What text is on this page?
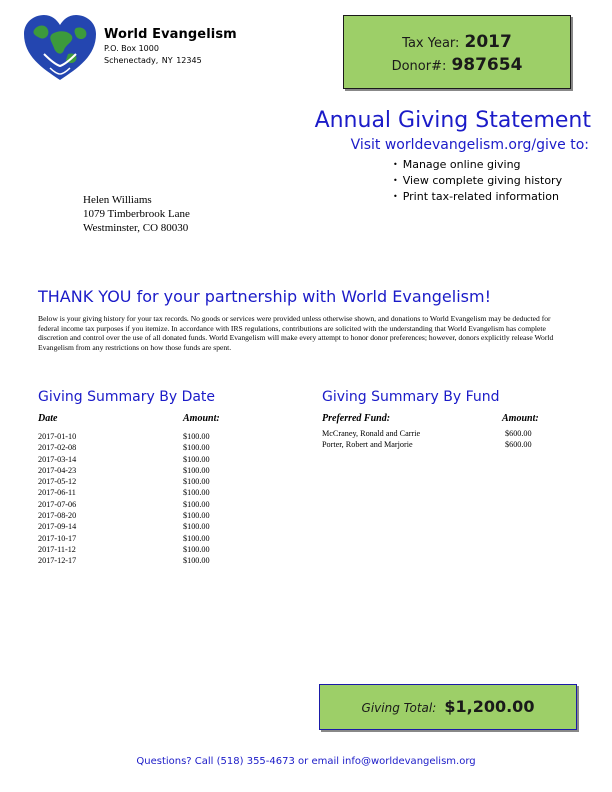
World Evangelism
P.O. Box 1000
Schenectady, NY 12345
Tax Year: 2017
Donor#: 987654
Annual Giving Statement
Visit worldevangelism.org/give to:
• Manage online giving
• View complete giving history
• Print tax-related information
Helen Williams
1079 Timberbrook Lane
Westminster, CO 80030
THANK YOU for your partnership with World Evangelism!
Below is your giving history for your tax records. No goods or services were provided unless otherwise shown, and donations to World Evangelism may be deducted for federal income tax purposes if you itemize. In accordance with IRS regulations, contributions are solicited with the understanding that World Evangelism has complete discretion and control over the use of all donated funds. World Evangelism will make every attempt to honor donor preferences; however, donors explicitly release World Evangelism from any restrictions on how those funds are spent.
Giving Summary By Date
Date	Amount:
2017-01-10	$100.00
2017-02-08	$100.00
2017-03-14	$100.00
2017-04-23	$100.00
2017-05-12	$100.00
2017-06-11	$100.00
2017-07-06	$100.00
2017-08-20	$100.00
2017-09-14	$100.00
2017-10-17	$100.00
2017-11-12	$100.00
2017-12-17	$100.00
Giving Summary By Fund
Preferred Fund:	Amount:
McCraney, Ronald and Carrie	$600.00
Porter, Robert and Marjorie	$600.00
Giving Total: $1,200.00
Questions? Call (518) 355-4673 or email info@worldevangelism.org
